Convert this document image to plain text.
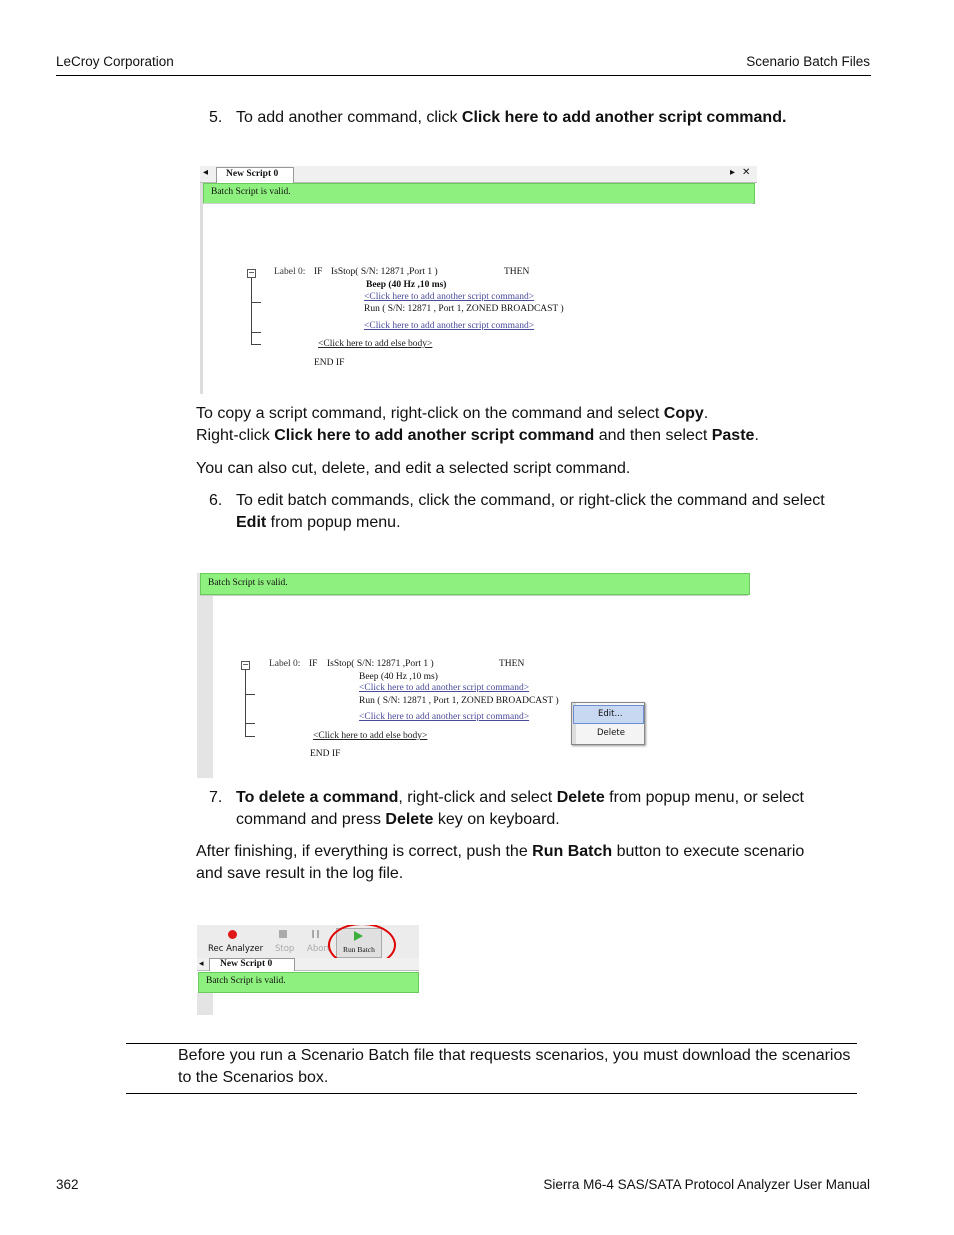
LeCroy Corporation	Scenario Batch Files
5. To add another command, click Click here to add another script command.
◂ New Script 0	▸ ✕
Batch Script is valid.
− Label 0: IF IsStop( S/N: 12871 ,Port 1 )	THEN
Beep (40 Hz ,10 ms)
<Click here to add another script command>
Run ( S/N: 12871 , Port 1, ZONED BROADCAST )
<Click here to add another script command>
<Click here to add else body>
END IF
To copy a script command, right-click on the command and select Copy.
Right-click Click here to add another script command and then select Paste.
You can also cut, delete, and edit a selected script command.
6. To edit batch commands, click the command, or right-click the command and select
Edit from popup menu.
Batch Script is valid.
− Label 0: IF IsStop( S/N: 12871 ,Port 1 )	THEN
Beep (40 Hz ,10 ms)
<Click here to add another script command>
Run ( S/N: 12871 , Port 1, ZONED BROADCAST )
<Click here to add another script command>
<Click here to add else body>
END IF
Edit...
Delete
7. To delete a command, right-click and select Delete from popup menu, or select
command and press Delete key on keyboard.
After finishing, if everything is correct, push the Run Batch button to execute scenario
and save result in the log file.
Rec Analyzer Stop Abort Run Batch
◂ New Script 0
Batch Script is valid.
Before you run a Scenario Batch file that requests scenarios, you must download the scenarios
to the Scenarios box.
362	Sierra M6-4 SAS/SATA Protocol Analyzer User Manual
